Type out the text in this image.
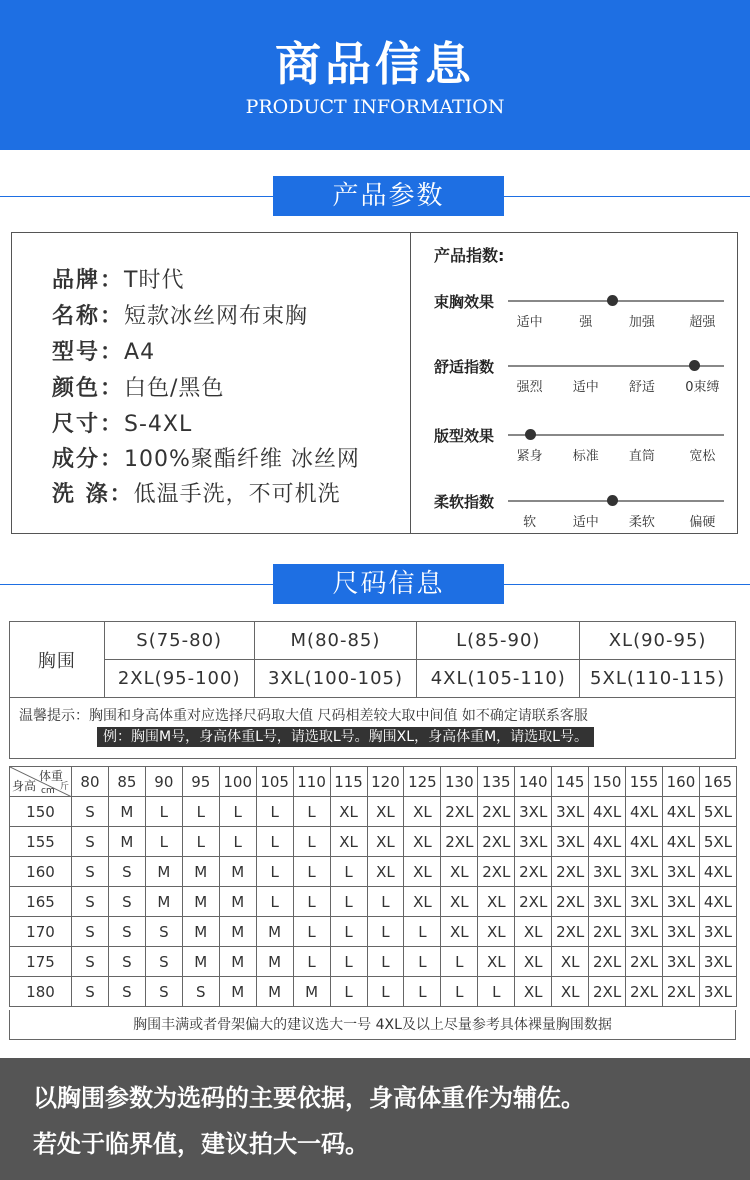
商品信息
PRODUCT INFORMATION
产品参数
品牌：T时代
名称：短款冰丝网布束胸
型号：A4
颜色：白色/黑色
尺寸：S-4XL
成分：100%聚酯纤维 冰丝网
洗 涤：低温手洗，不可机洗
产品指数:
束胸效果
适中	强	加强	超强
舒适指数
强烈 适中 舒适 0束缚
版型效果
紧身 标准 直筒	宽松
柔软指数
软	适中 柔软	偏硬
尺码信息
胸围	S(75-80)	M(80-85)	L(85-90)	XL(90-95)
	2XL(95-100)	3XL(100-105)	4XL(105-110)	5XL(110-115)
温馨提示：胸围和身高体重对应选择尺码取大值 尺码相差较大取中间值 如不确定请联系客服
例：胸围M号，身高体重L号，请选取L号。胸围XL，身高体重M，请选取L号。
体重
斤
身高 cm	80	85	90	95	100	105	110	115	120	125	130	135	140	145	150	155	160	165
150	S	M	L	L	L	L	L	XL	XL	XL	2XL	2XL	3XL	3XL	4XL	4XL	4XL	5XL
155	S	M	L	L	L	L	L	XL	XL	XL	2XL	2XL	3XL	3XL	4XL	4XL	4XL	5XL
160	S	S	M	M	M	L	L	L	XL	XL	XL	2XL	2XL	2XL	3XL	3XL	3XL	4XL
165	S	S	M	M	M	L	L	L	L	XL	XL	XL	2XL	2XL	3XL	3XL	3XL	4XL
170	S	S	S	M	M	M	L	L	L	L	XL	XL	XL	2XL	2XL	3XL	3XL	3XL
175	S	S	S	M	M	M	L	L	L	L	L	XL	XL	XL	2XL	2XL	3XL	3XL
180	S	S	S	S	M	M	M	L	L	L	L	L	XL	XL	2XL	2XL	2XL	3XL
胸围丰满或者骨架偏大的建议选大一号 4XL及以上尽量参考具体裸量胸围数据
以胸围参数为选码的主要依据，身高体重作为辅佐。
若处于临界值，建议拍大一码。
